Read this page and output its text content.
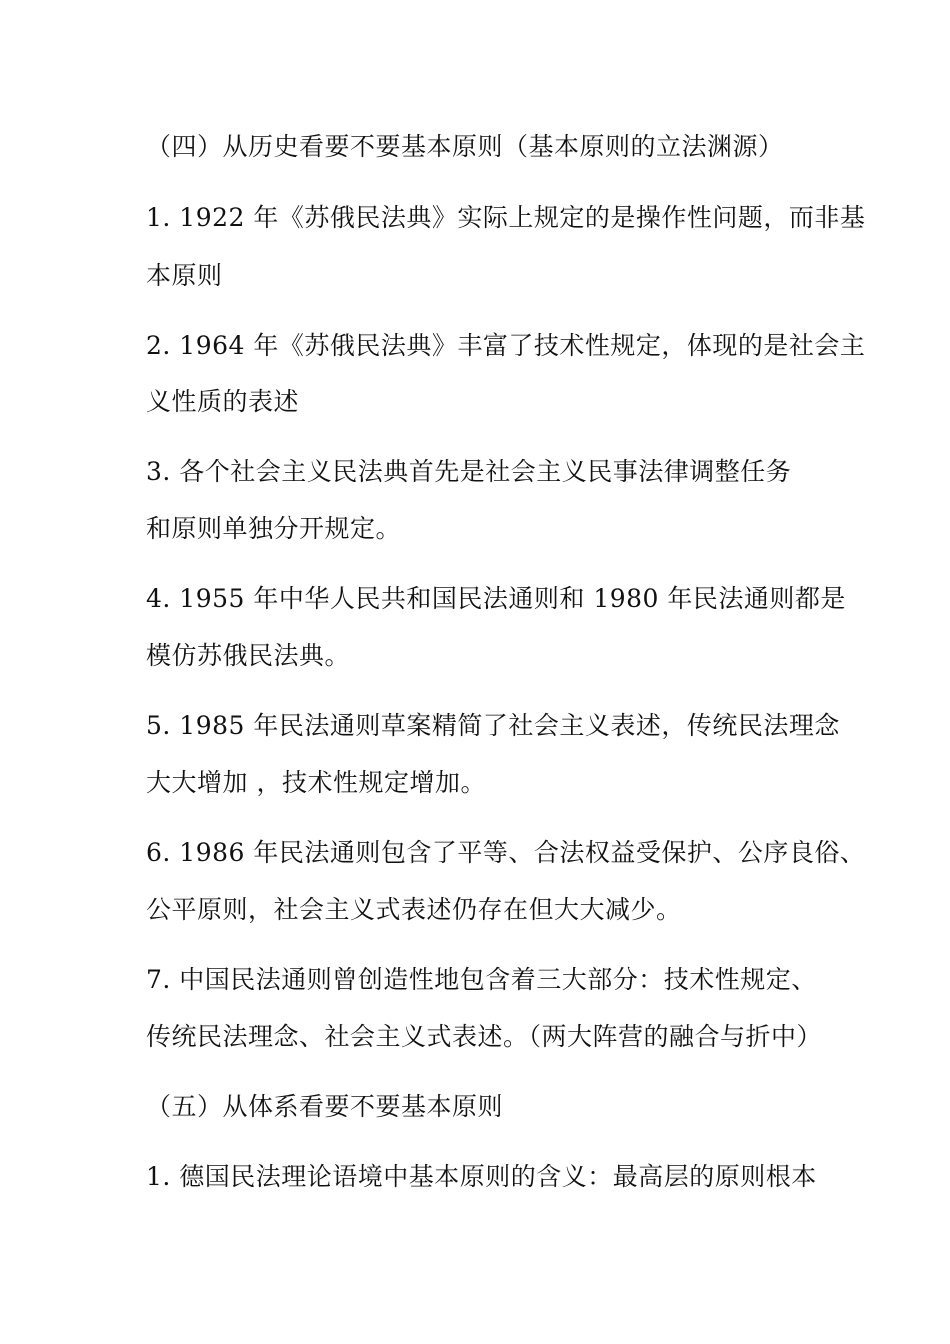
（四）从历史看要不要基本原则（基本原则的立法渊源）
1. 1922 年《苏俄民法典》实际上规定的是操作性问题，而非基
本原则
2. 1964 年《苏俄民法典》丰富了技术性规定，体现的是社会主
义性质的表述
3. 各个社会主义民法典首先是社会主义民事法律调整任务
和原则单独分开规定。
4. 1955 年中华人民共和国民法通则和 1980 年民法通则都是
模仿苏俄民法典。
5. 1985 年民法通则草案精简了社会主义表述，传统民法理念
大大增加 ，技术性规定增加。
6. 1986 年民法通则包含了平等、合法权益受保护、公序良俗、
公平原则，社会主义式表述仍存在但大大减少。
7. 中国民法通则曾创造性地包含着三大部分：技术性规定、
传统民法理念、社会主义式表述。（两大阵营的融合与折中）
（五）从体系看要不要基本原则
1. 德国民法理论语境中基本原则的含义：最高层的原则根本
